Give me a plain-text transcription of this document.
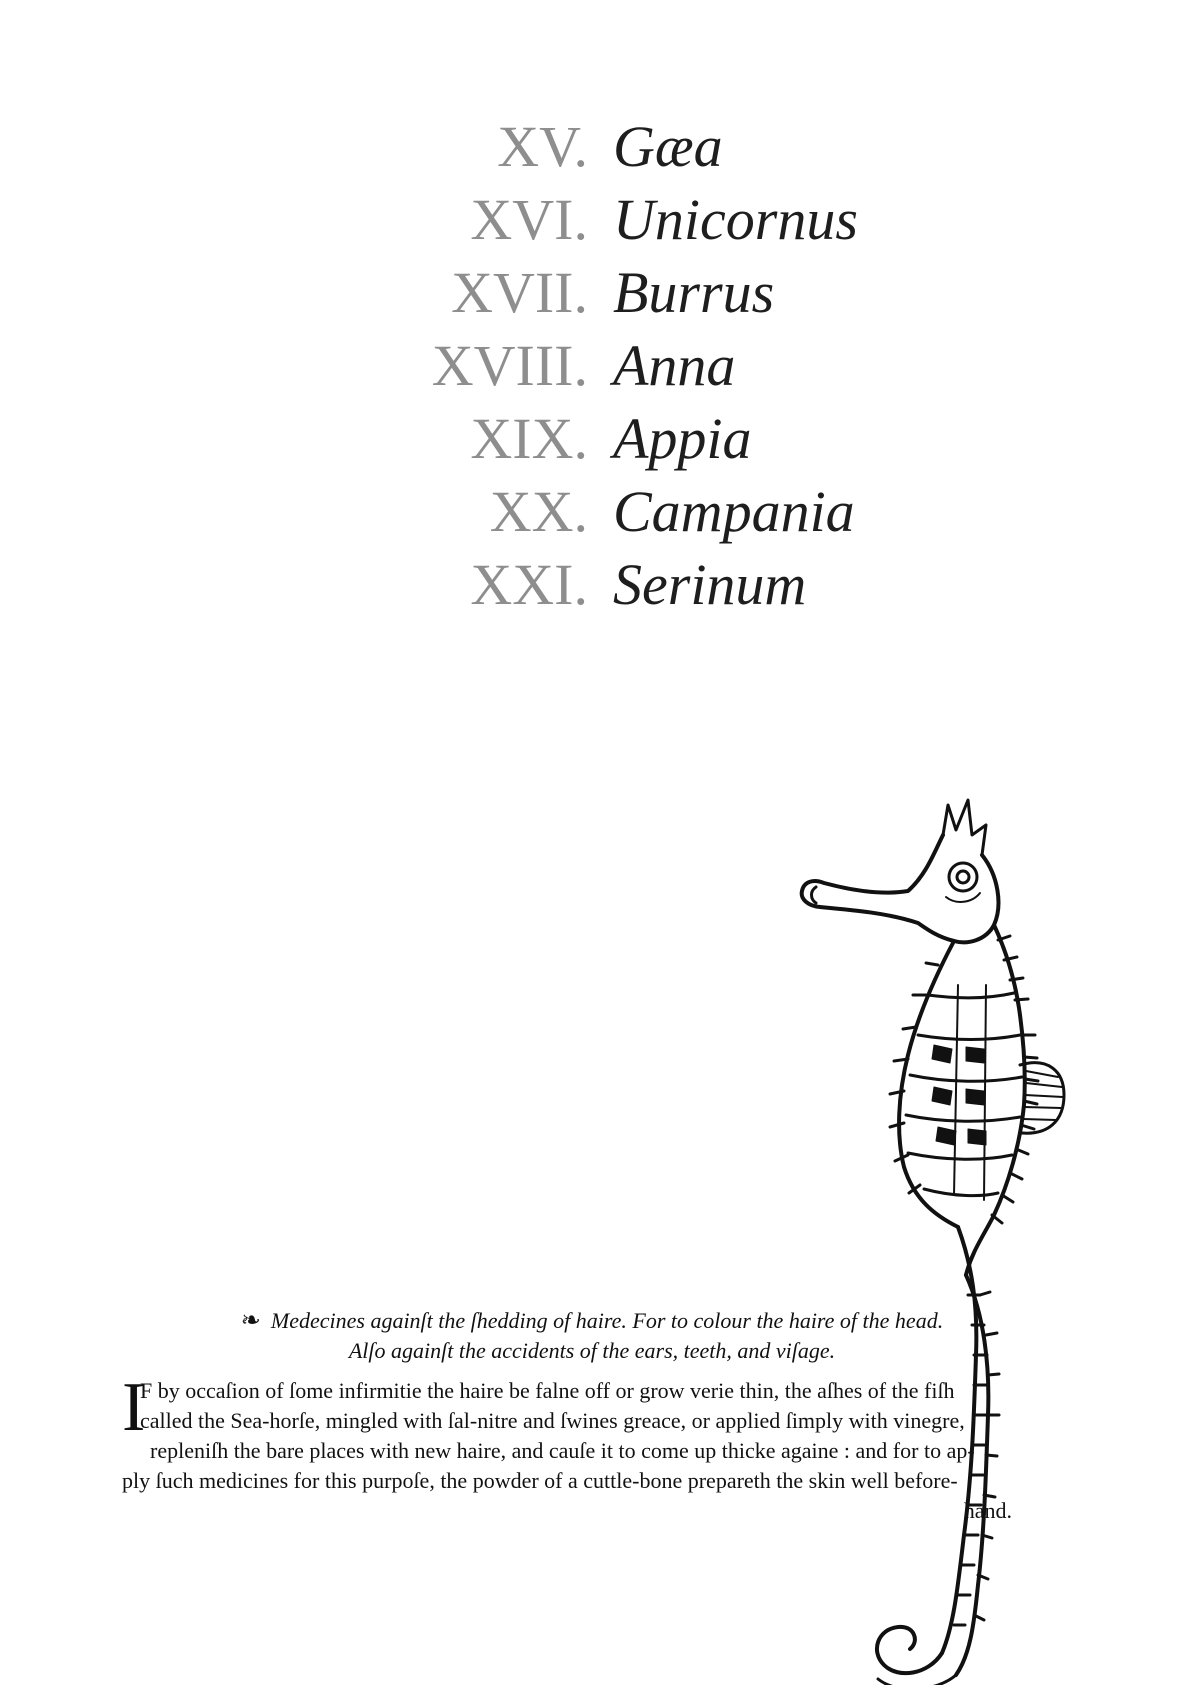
XV. Gæa
XVI. Unicornus
XVII. Burrus
XVIII. Anna
XIX. Appia
XX. Campania
XXI. Serinum
❧ Medecines againſt the ſhedding of haire. For to colour the haire of the head.
Alſo againſt the accidents of the ears, teeth, and viſage.
I
F by occaſion of ſome infirmitie the haire be falne off or grow verie thin, the aſhes of the fiſh
called the Sea-horſe, mingled with ſal-nitre and ſwines greace, or applied ſimply with vinegre,
repleniſh the bare places with new haire, and cauſe it to come up thicke againe : and for to ap-
ply ſuch medicines for this purpoſe, the powder of a cuttle-bone prepareth the skin well before-
hand.
